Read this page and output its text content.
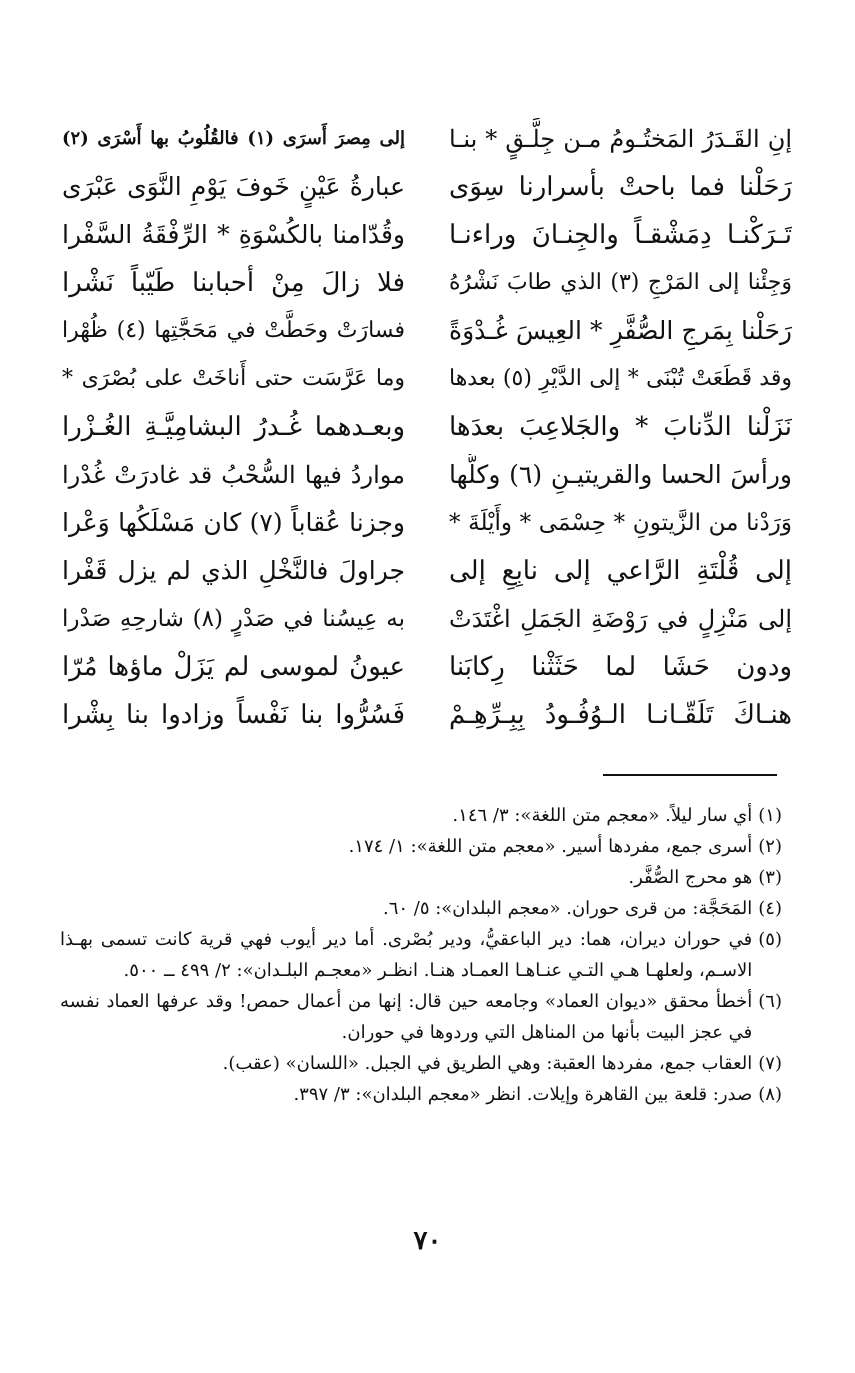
إنِ القَـدَرُ المَختُـومُ مـن جِلَّـقٍ * بنـا
إلى مِصرَ أَسرَى (١) فالقُلُوبُ بها أَسْرَى (٢)
رَحَلْنا فما باحتْ بأسرارنا سِوَى
عبارةُ عَيْنٍ خَوفَ يَوْمِ النَّوَى عَبْرَى
تَـرَكْنـا دِمَشْقـاً والجِنـانَ وراءنـا
وقُدّامنا بالكُسْوَةِ * الرِّفْقَةُ السَّفْرا
وَجِئْنا إلى المَرْجِ (٣) الذي طابَ نَشْرُهُ
فلا زالَ مِنْ أحبابنا طَيّباً نَشْرا
رَحَلْنا بِمَرجِ الصُّفَّرِ * العِيسَ غُـدْوَةً
فسارَتْ وحَطَّتْ في مَحَجَّتِها (٤) ظُهْرا
وقد قَطَعَتْ تُبْنَى * إلى الدَّيْرِ (٥) بعدها
وما عَرَّسَت حتى أَناخَتْ على بُصْرَى *
نَزَلْنا الدِّنابَ * والجَلاعِبَ بعدَها
وبعـدهما غُـدرُ البشامِيَّـةِ الغُـزْرا
ورأسَ الحسا والقريتيـنِ (٦) وكلُّها
مواردُ فيها السُّحْبُ قد غادرَتْ غُدْرا
وَرَدْنا من الزَّيتونِ * حِسْمَى * وأَيْلَةَ *
وجزنا عُقاباً (٧) كان مَسْلَكُها وَعْرا
إلى قُلْتَةِ الرَّاعي إلى نابِعِ إلى
جراولَ فالنَّخْلِ الذي لم يزل قَفْرا
إلى مَنْزِلٍ في رَوْضَةِ الجَمَلِ اغْتَدَتْ
به عِيسُنا في صَدْرٍ (٨) شارحِهِ صَدْرا
ودون حَشَا لما حَثَثْنا رِكابَنا
عيونُ لموسى لم يَزَلْ ماؤها مُرّا
هنـاكَ تَلَقّـانـا الـوُفُـودُ بِبِـرِّهِـمْ
فَسُرُّوا بنا نَفْساً وزادوا بنا بِشْرا
(١)
أي سار ليلاً. «معجم متن اللغة»: ٣/ ١٤٦.
(٢)
أسرى جمع، مفردها أسير. «معجم متن اللغة»: ١/ ١٧٤.
(٣)
هو محرج الصُّفَّر.
(٤)
المَحَجَّة: من قرى حوران. «معجم البلدان»: ٥/ ٦٠.
(٥)
في حوران ديران، هما: دير الباعقيُّ، ودير بُصْرى. أما دير أيوب فهي قرية كانت تسمى بهـذا الاسـم، ولعلهـا هـي التـي عنـاهـا العمـاد هنـا. انظـر «معجـم البلـدان»: ٢/ ٤٩٩ ــ ٥٠٠.
(٦)
أخطأ محقق «ديوان العماد» وجامعه حين قال: إنها من أعمال حمص! وقد عرفها العماد نفسه في عجز البيت بأنها من المناهل التي وردوها في حوران.
(٧)
العقاب جمع، مفردها العقبة: وهي الطريق في الجبل. «اللسان» (عقب).
(٨)
صدر: قلعة بين القاهرة وإيلات. انظر «معجم البلدان»: ٣/ ٣٩٧.
٧٠
